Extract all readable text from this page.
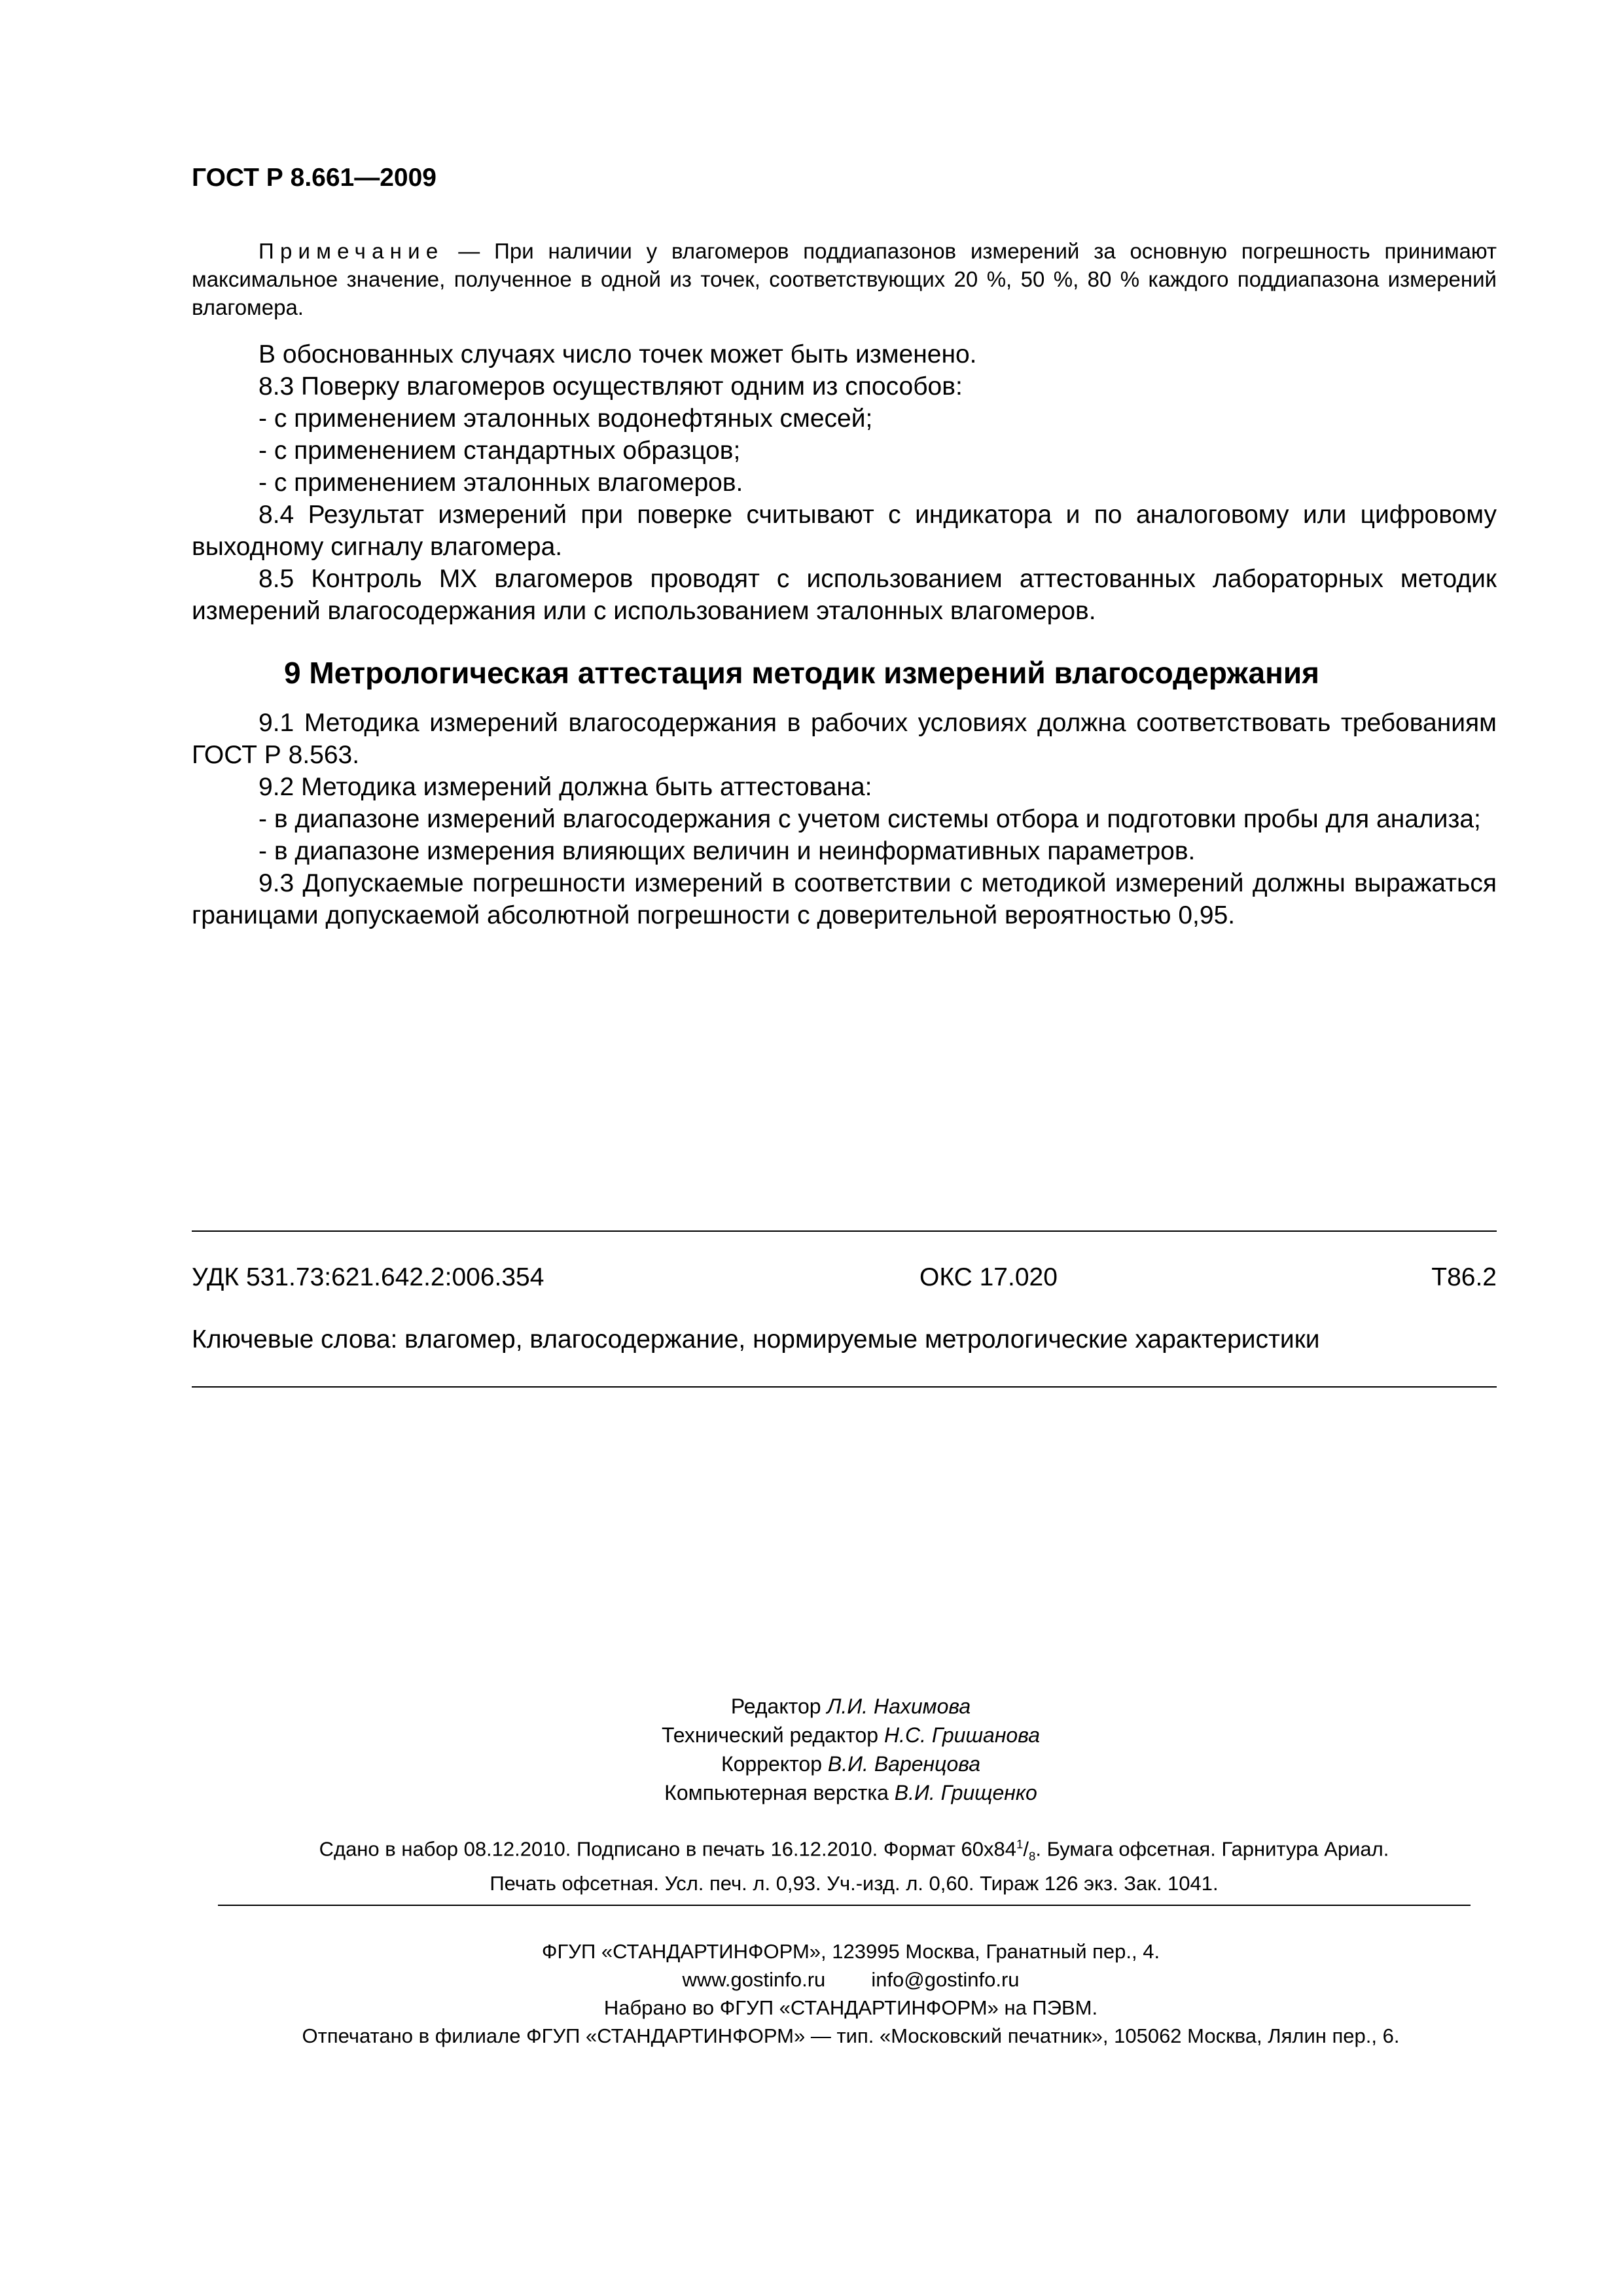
ГОСТ Р 8.661—2009

Примечание — При наличии у влагомеров поддиапазонов измерений за основную погрешность принимают максимальное значение, полученное в одной из точек, соответствующих 20 %, 50 %, 80 % каждого поддиапазона измерений влагомера.

В обоснованных случаях число точек может быть изменено.

8.3 Поверку влагомеров осуществляют одним из способов:

- с применением эталонных водонефтяных смесей;

- с применением стандартных образцов;

- с применением эталонных влагомеров.

8.4 Результат измерений при поверке считывают с индикатора и по аналоговому или цифровому выходному сигналу влагомера.

8.5 Контроль МХ влагомеров проводят с использованием аттестованных лабораторных методик измерений влагосодержания или с использованием эталонных влагомеров.

9 Метрологическая аттестация методик измерений влагосодержания

9.1 Методика измерений влагосодержания в рабочих условиях должна соответствовать требованиям ГОСТ Р 8.563.

9.2 Методика измерений должна быть аттестована:

- в диапазоне измерений влагосодержания с учетом системы отбора и подготовки пробы для анализа;

- в диапазоне измерения влияющих величин и неинформативных параметров.

9.3 Допускаемые погрешности измерений в соответствии с методикой измерений должны выражаться границами допускаемой абсолютной погрешности с доверительной вероятностью 0,95.

УДК 531.73:621.642.2:006.354	ОКС 17.020	Т86.2
Ключевые слова: влагомер, влагосодержание, нормируемые метрологические характеристики
Редактор Л.И. Нахимова
Технический редактор Н.С. Гришанова
Корректор В.И. Варенцова
Компьютерная верстка В.И. Грищенко
Сдано в набор 08.12.2010. Подписано в печать 16.12.2010. Формат $60x84^1/_8$. Бумага офсетная. Гарнитура Ариал.
Печать офсетная. Усл. печ. л. 0,93. Уч.-изд. л. 0,60. Тираж 126 экз. Зак. 1041.
ФГУП «СТАНДАРТИНФОРМ», 123995 Москва, Гранатный пер., 4.
www.gostinfo.ru info@gostinfo.ru
Набрано во ФГУП «СТАНДАРТИНФОРМ» на ПЭВМ.
Отпечатано в филиале ФГУП «СТАНДАРТИНФОРМ» — тип. «Московский печатник», 105062 Москва, Лялин пер., 6.
